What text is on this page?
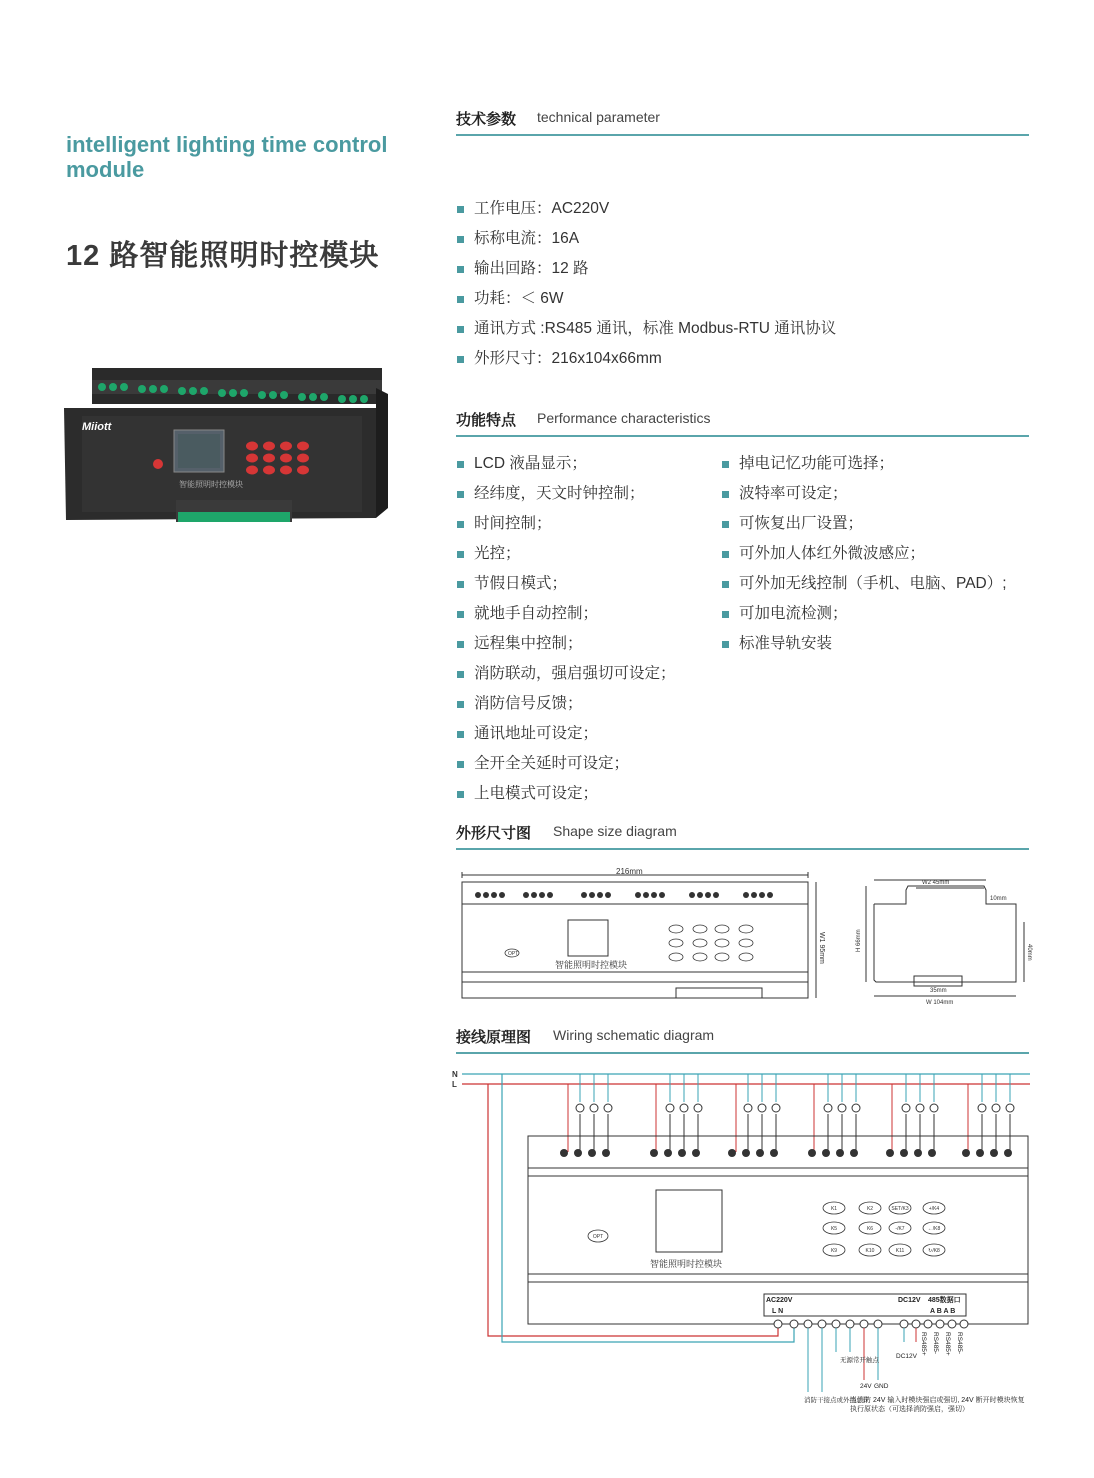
intelligent lighting time control module
12 路智能照明时控模块
Miiott
智能照明时控模块
技术参数 technical parameter
工作电压：AC220V
标称电流：16A
输出回路：12 路
功耗：＜ 6W
通讯方式 :RS485 通讯，标准 Modbus-RTU 通讯协议
外形尺寸：216x104x66mm
功能特点 Performance characteristics
LCD 液晶显示；
经纬度，天文时钟控制；
时间控制；
光控；
节假日模式；
就地手自动控制；
远程集中控制；
消防联动，强启强切可设定；
消防信号反馈；
通讯地址可设定；
全开全关延时可设定；
上电模式可设定；
掉电记忆功能可选择；
波特率可设定；
可恢复出厂设置；
可外加人体红外微波感应；
可外加无线控制（手机、电脑、PAD）;
可加电流检测；
标准导轨安装
外形尺寸图 Shape size diagram
216mm
智能照明时控模块
OPT	W1 95mm
W2 45mm
H 66mm
10mm
40mm
35mm
W 104mm
接线原理图 Wiring schematic diagram
N
L
K1	K2	SET/K3	+/K4
K5	K6	-/K7	←/K8
K9	K10	K11	↻/K8
OPT
智能照明时控模块
AC220V
L N
DC12V 485数据口
A B A B
DC12V
RS485+ RS485- RS485+ RS485-
无源常开触点
24V GND
消防干接点或外接总开
当消防 24V 输入时模块强启或强切, 24V 断开时模块恢复执行原状态（可选择消防强启，强切）
